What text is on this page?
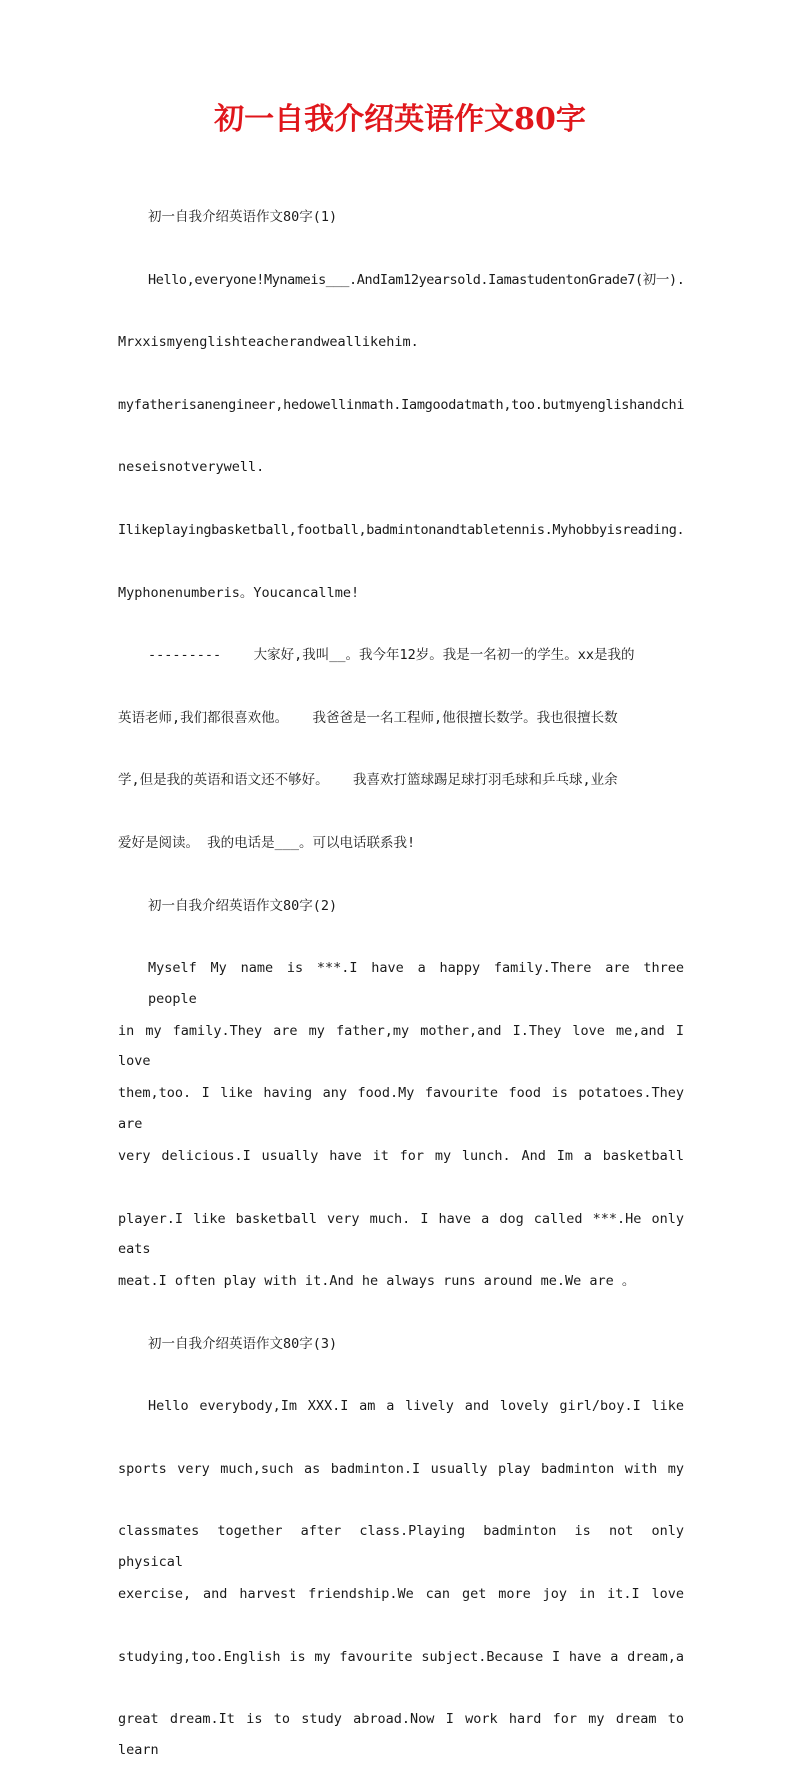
初一自我介绍英语作文80字

初一自我介绍英语作文80字(1)

Hello,everyone!Mynameis___.AndIam12yearsold.IamastudentonGrade7(初一).

Mrxxismyenglishteacherandweallikehim.

myfatherisanengineer,hedowellinmath.Iamgoodatmath,too.butmyenglishandchi

neseisnotverywell.

Ilikeplayingbasketball,football,badmintonandtabletennis.Myhobbyisreading.

Myphonenumberis。Youcancallme!

---------    大家好,我叫__。我今年12岁。我是一名初一的学生。xx是我的

英语老师,我们都很喜欢他。   我爸爸是一名工程师,他很擅长数学。我也很擅长数

学,但是我的英语和语文还不够好。   我喜欢打篮球踢足球打羽毛球和乒乓球,业余

爱好是阅读。 我的电话是___。可以电话联系我!

初一自我介绍英语作文80字(2)

Myself My name is ***.I have a happy family.There are three people

in my family.They are my father,my mother,and I.They love me,and I love

them,too. I like having any food.My favourite food is potatoes.They are

very delicious.I usually have it for my lunch. And Im a basketball

player.I like basketball very much. I have a dog called ***.He only eats

meat.I often play with it.And he always runs around me.We are 。

初一自我介绍英语作文80字(3)

Hello everybody,Im XXX.I am a lively and lovely girl/boy.I like

sports very much,such as badminton.I usually play badminton with my

classmates together after class.Playing badminton is not only physical

exercise, and harvest friendship.We can get more joy in it.I love

studying,too.English is my favourite subject.Because I have a dream,a

great dream.It is to study abroad.Now I work hard for my dream to learn
